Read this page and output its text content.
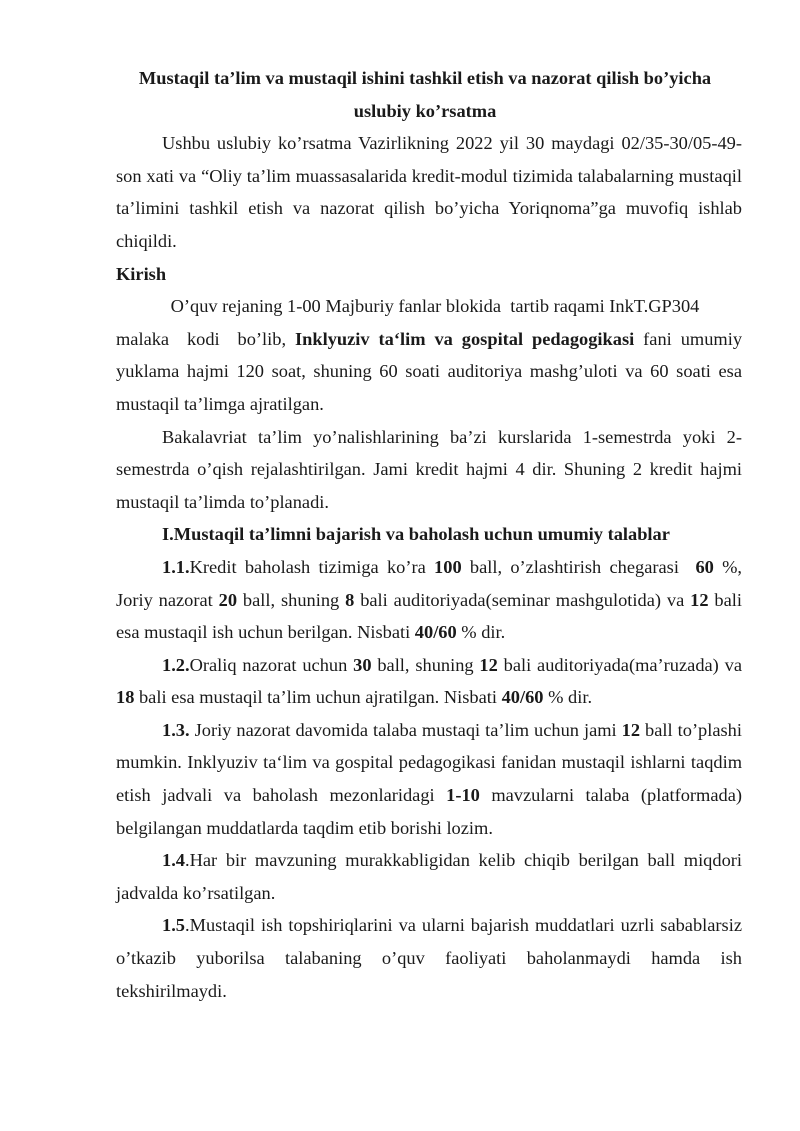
Mustaqil ta’lim va mustaqil ishini tashkil etish va nazorat qilish bo’yicha
uslubiy ko’rsatma

Ushbu uslubiy ko’rsatma Vazirlikning 2022 yil 30 maydagi 02/35-30/05-49-son xati va “Oliy ta’lim muassasalarida kredit-modul tizimida talabalarning mustaqil ta’limini tashkil etish va nazorat qilish bo’yicha Yoriqnoma”ga muvofiq ishlab chiqildi.

Kirish

O’quv rejaning 1-00 Majburiy fanlar blokida  tartib raqami InkT.GP304

malaka  kodi  bo’lib, Inklyuziv ta‘lim va gospital pedagogikasi fani umumiy yuklama hajmi 120 soat, shuning 60 soati auditoriya mashg’uloti va 60 soati esa mustaqil ta’limga ajratilgan.

Bakalavriat ta’lim yo’nalishlarining ba’zi kurslarida 1-semestrda yoki 2-semestrda o’qish rejalashtirilgan. Jami kredit hajmi 4 dir. Shuning 2 kredit hajmi mustaqil ta’limda to’planadi.

I.Mustaqil ta’limni bajarish va baholash uchun umumiy talablar

1.1.Kredit baholash tizimiga ko’ra 100 ball, o’zlashtirish chegarasi  60 %, Joriy nazorat 20 ball, shuning 8 bali auditoriyada(seminar mashgulotida) va 12 bali esa mustaqil ish uchun berilgan. Nisbati 40/60 % dir.

1.2.Oraliq nazorat uchun 30 ball, shuning 12 bali auditoriyada(ma’ruzada) va 18 bali esa mustaqil ta’lim uchun ajratilgan. Nisbati 40/60 % dir.

1.3. Joriy nazorat davomida talaba mustaqi ta’lim uchun jami 12 ball to’plashi mumkin. Inklyuziv ta‘lim va gospital pedagogikasi fanidan mustaqil ishlarni taqdim etish jadvali va baholash mezonlaridagi 1-10 mavzularni talaba (platformada) belgilangan muddatlarda taqdim etib borishi lozim.

1.4.Har bir mavzuning murakkabligidan kelib chiqib berilgan ball miqdori jadvalda ko’rsatilgan.

1.5.Mustaqil ish topshiriqlarini va ularni bajarish muddatlari uzrli sabablarsiz o’tkazib yuborilsa talabaning o’quv faoliyati baholanmaydi hamda ish tekshirilmaydi.
